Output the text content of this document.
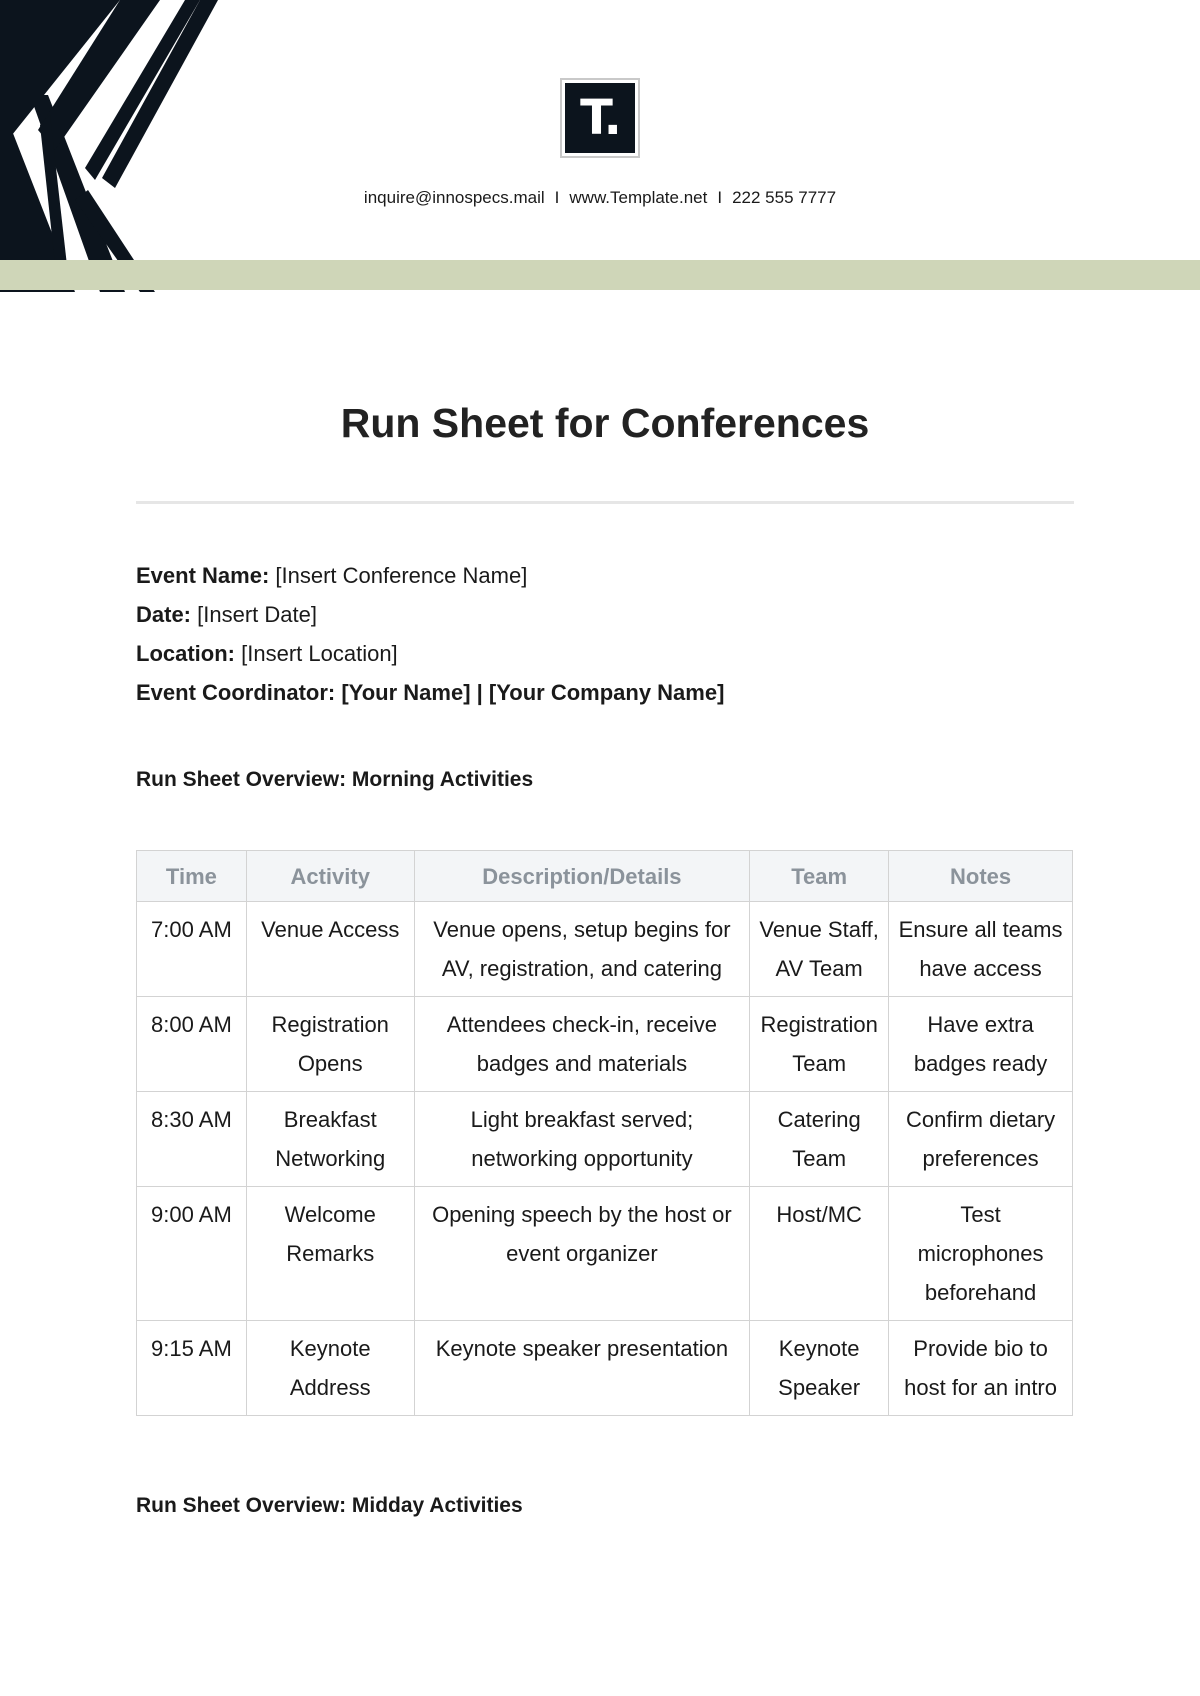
T.
inquire@innospecs.mail I www.Template.net I 222 555 7777
Run Sheet for Conferences
Event Name: [Insert Conference Name]
Date: [Insert Date]
Location: [Insert Location]
Event Coordinator: [Your Name] | [Your Company Name]
Run Sheet Overview: Morning Activities
Time	Activity	Description/Details	Team	Notes
7:00 AM	Venue Access	Venue opens, setup begins for AV, registration, and catering	Venue Staff, AV Team	Ensure all teams have access
8:00 AM	Registration Opens	Attendees check-in, receive badges and materials	Registration Team	Have extra badges ready
8:30 AM	Breakfast Networking	Light breakfast served; networking opportunity	Catering Team	Confirm dietary preferences
9:00 AM	Welcome Remarks	Opening speech by the host or event organizer	Host/MC	Test microphones beforehand
9:15 AM	Keynote Address	Keynote speaker presentation	Keynote Speaker	Provide bio to host for an intro
Run Sheet Overview: Midday Activities
